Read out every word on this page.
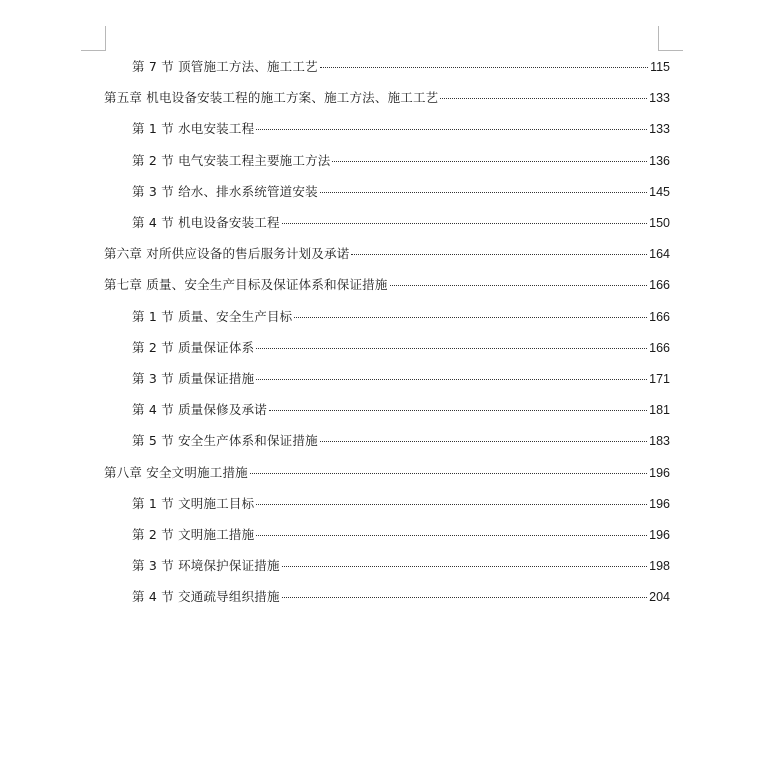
第 7 节 顶管施工方法、施工工艺	115
第五章 机电设备安装工程的施工方案、施工方法、施工工艺	133
第 1 节 水电安装工程	133
第 2 节 电气安装工程主要施工方法	136
第 3 节 给水、排水系统管道安装	145
第 4 节 机电设备安装工程	150
第六章 对所供应设备的售后服务计划及承诺	164
第七章 质量、安全生产目标及保证体系和保证措施	166
第 1 节 质量、安全生产目标	166
第 2 节 质量保证体系	166
第 3 节 质量保证措施	171
第 4 节 质量保修及承诺	181
第 5 节 安全生产体系和保证措施	183
第八章 安全文明施工措施	196
第 1 节 文明施工目标	196
第 2 节 文明施工措施	196
第 3 节 环境保护保证措施	198
第 4 节 交通疏导组织措施	204
